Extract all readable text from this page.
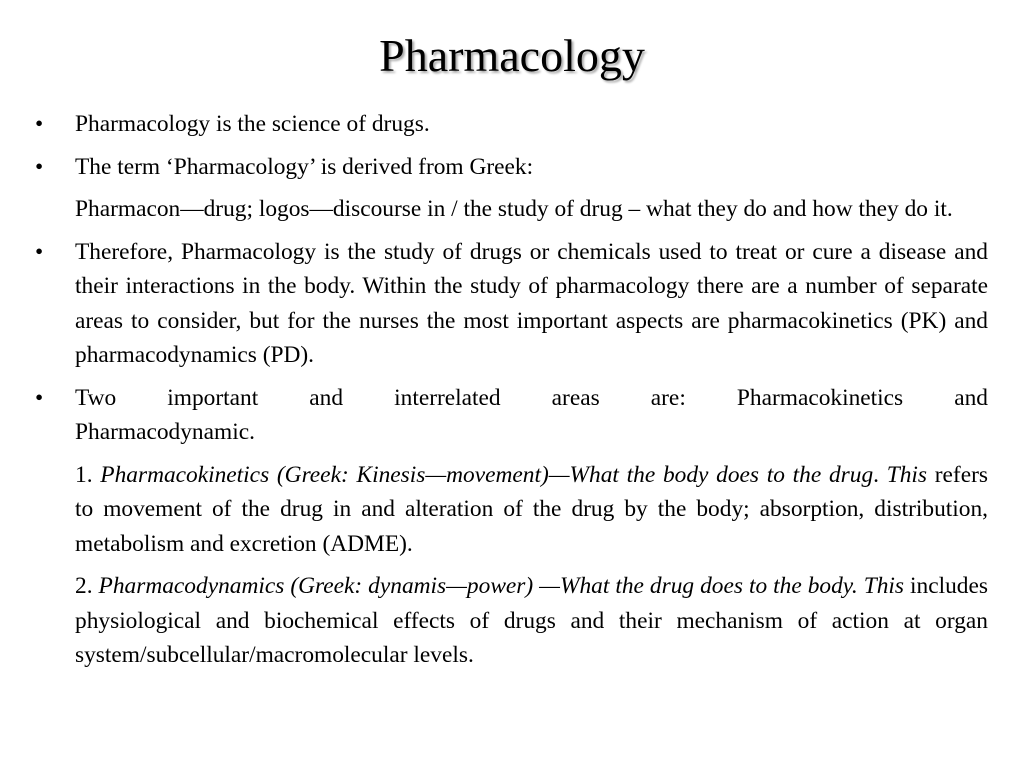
Pharmacology
•	Pharmacology is the science of drugs.
•	The term ‘Pharmacology’ is derived from Greek:
Pharmacon—drug; logos—discourse in / the study of drug – what they do and how they do it.
•	Therefore, Pharmacology is the study of drugs or chemicals used to treat or cure a disease and their interactions in the body. Within the study of pharmacology there are a number of separate areas to consider, but for the nurses the most important aspects are pharmacokinetics (PK) and pharmacodynamics (PD).
•	Two important and interrelated areas are: Pharmacokinetics and
Pharmacodynamic.
1. Pharmacokinetics (Greek: Kinesis—movement)—What the body does to the drug. This refers to movement of the drug in and alteration of the drug by the body; absorption, distribution, metabolism and excretion (ADME).
2. Pharmacodynamics (Greek: dynamis—power) —What the drug does to the body. This includes physiological and biochemical effects of drugs and their mechanism of action at organ system/subcellular/macromolecular levels.
